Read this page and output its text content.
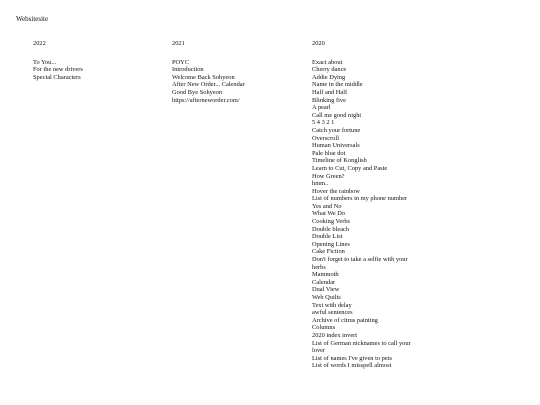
Websitesite
2022
To You...
For the new drivers
Special Characters
2021
POYC
Introduction
Welcome Back Sohyeon
After New Order... Calendar
Good Bye Sohyeon
https://afterneworder.com/
2020
Exact about
Cherry dance
Addie Dying
Name in the middle
Half and Half
Blinking five
A pearl
Call me good night
5 4 3 2 1
Catch your fortune
Overscroll
Human Universals
Pale blue dot
Timeline of Konglish
Learn to Cut, Copy and Paste
How Green?
hmm..
Hover the rainbow
List of numbers in my phone number
Yes and No
What We Do
Cooking Verbs
Double bleach
Double List
Opening Lines
Cake Fiction
Don't forget to take a selfie with your herbs
Mammoth
Calendar
Dual View
Web Quilts
Text with delay
awful sentences
Archive of citrus painting
Columns
2020 index invert
List of German nicknames to call your lover
List of names I've given to pets
List of words I misspell almost
